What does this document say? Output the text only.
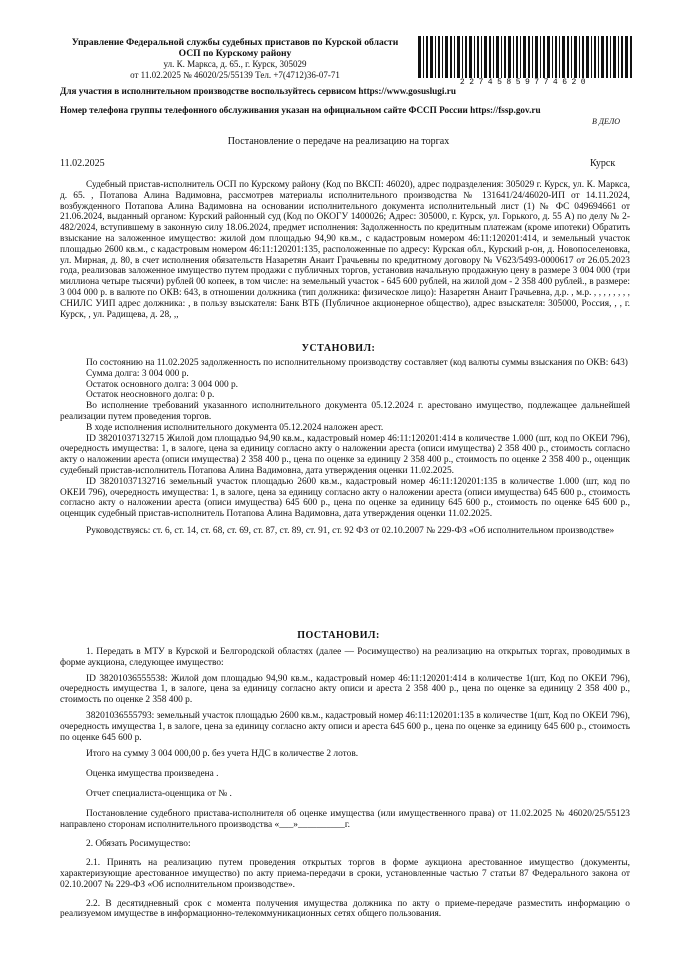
Управление Федеральной службы судебных приставов по Курской области
ОСП по Курскому району
ул. К. Маркса, д. 65., г. Курск, 305029
от 11.02.2025 № 46020/25/55139 Тел. +7(4712)36-07-71
22745859774620
Для участия в исполнительном производстве воспользуйтесь сервисом https://www.gosuslugi.ru
Номер телефона группы телефонного обслуживания указан на официальном сайте ФССП России https://fssp.gov.ru
В ДЕЛО
Постановление о передаче на реализацию на торгах
11.02.2025	Курск
Судебный пристав-исполнитель ОСП по Курскому району (Код по ВКСП: 46020), адрес подразделения: 305029 г. Курск, ул. К. Маркса, д. 65. , Потапова Алина Вадимовна, рассмотрев материалы исполнительного производства № 131641/24/46020-ИП от 14.11.2024, возбужденного Потаповa Алина Вадимовна на основании исполнительного документа исполнительный лист (1) № ФС 049694661 от 21.06.2024, выданный органом: Курский районный суд (Код по ОКОГУ 1400026; Адрес: 305000, г. Курск, ул. Горького, д. 55 А) по делу № 2-482/2024, вступившему в законную силу 18.06.2024, предмет исполнения: Задолженность по кредитным платежам (кроме ипотеки) Обратить взыскание на заложенное имущество: жилой дом площадью 94,90 кв.м., с кадастровым номером 46:11:120201:414, и земельный участок площадью 2600 кв.м., с кадастровым номером 46:11:120201:135, расположенные по адресу: Курская обл., Курский р-он, д. Новопоселеновка, ул. Мирная, д. 80, в счет исполнения обязательств Назаретян Анаит Грачьевны по кредитному договору № V623/5493-0000617 от 26.05.2023 года, реализовав заложенное имущество путем продажи с публичных торгов, установив начальную продажную цену в размере 3 004 000 (три миллиона четыре тысячи) рублей 00 копеек, в том числе: на земельный участок - 645 600 рублей, на жилой дом - 2 358 400 рублей., в размере: 3 004 000 р. в валюте по ОКВ: 643, в отношении должника (тип должника: физическое лицо): Назаретян Анаит Грачьевна, д.р. , м.р. , , , , , , , , СНИЛС УИП адрес должника: , в пользу взыскателя: Банк ВТБ (Публичное акционерное общество), адрес взыскателя: 305000, Россия, , , г. Курск, , ул. Радищева, д. 28, ,,
УСТАНОВИЛ:

По состоянию на 11.02.2025 задолженность по исполнительному производству составляет (код валюты суммы взыскания по ОКВ: 643)

Сумма долга: 3 004 000 р.

Остаток основного долга: 3 004 000 р.

Остаток неосновного долга: 0 р.

Во исполнение требований указанного исполнительного документа 05.12.2024 г. арестовано имущество, подлежащее дальнейшей реализации путем проведения торгов.

В ходе исполнения исполнительного документа 05.12.2024 наложен арест.

ID 38201037132715 Жилой дом площадью 94,90 кв.м., кадастровый номер 46:11:120201:414 в количестве 1.000 (шт, код по ОКЕИ 796), очередность имущества: 1, в залоге, цена за единицу согласно акту о наложении ареста (описи имущества) 2 358 400 р., стоимость согласно акту о наложении ареста (описи имущества) 2 358 400 р., цена по оценке за единицу 2 358 400 р., стоимость по оценке 2 358 400 р., оценщик судебный пристав-исполнитель Потапова Алина Вадимовна, дата утверждения оценки 11.02.2025.

ID 38201037132716 земельный участок площадью 2600 кв.м., кадастровый номер 46:11:120201:135 в количестве 1.000 (шт, код по ОКЕИ 796), очередность имущества: 1, в залоге, цена за единицу согласно акту о наложении ареста (описи имущества) 645 600 р., стоимость согласно акту о наложении ареста (описи имущества) 645 600 р., цена по оценке за единицу 645 600 р., стоимость по оценке 645 600 р., оценщик судебный пристав-исполнитель Потапова Алина Вадимовна, дата утверждения оценки 11.02.2025.

Руководствуясь: ст. 6, ст. 14, ст. 68, ст. 69, ст. 87, ст. 89, ст. 91, ст. 92 ФЗ от 02.10.2007 № 229-ФЗ «Об исполнительном производстве»

ПОСТАНОВИЛ:

1. Передать в МТУ в Курской и Белгородской областях (далее — Росимущество) на реализацию на открытых торгах, проводимых в форме аукциона, следующее имущество:

ID 38201036555538: Жилой дом площадью 94,90 кв.м., кадастровый номер 46:11:120201:414 в количестве 1(шт, Код по ОКЕИ 796), очередность имущества 1, в залоге, цена за единицу согласно акту описи и ареста 2 358 400 р., цена по оценке за единицу 2 358 400 р., стоимость по оценке 2 358 400 р.

38201036555793: земельный участок площадью 2600 кв.м., кадастровый номер 46:11:120201:135 в количестве 1(шт, Код по ОКЕИ 796), очередность имущества 1, в залоге, цена за единицу согласно акту описи и ареста 645 600 р., цена по оценке за единицу 645 600 р., стоимость по оценке 645 600 р.

Итого на сумму 3 004 000,00 р. без учета НДС в количестве 2 лотов.

Оценка имущества произведена .

Отчет специалиста-оценщика от № .

Постановление судебного пристава-исполнителя об оценке имущества (или имущественного права) от 11.02.2025 № 46020/25/55123 направлено сторонам исполнительного производства «___»__________г.

2. Обязать Росимущество:

2.1. Принять на реализацию путем проведения открытых торгов в форме аукциона арестованное имущество (документы, характеризующие арестованное имущество) по акту приема-передачи в сроки, установленные частью 7 статьи 87 Федерального закона от 02.10.2007 № 229-ФЗ «Об исполнительном производстве».

2.2. В десятидневный срок с момента получения имущества должника по акту о приеме-передаче разместить информацию о реализуемом имуществе в информационно-телекоммуникационных сетях общего пользования.
